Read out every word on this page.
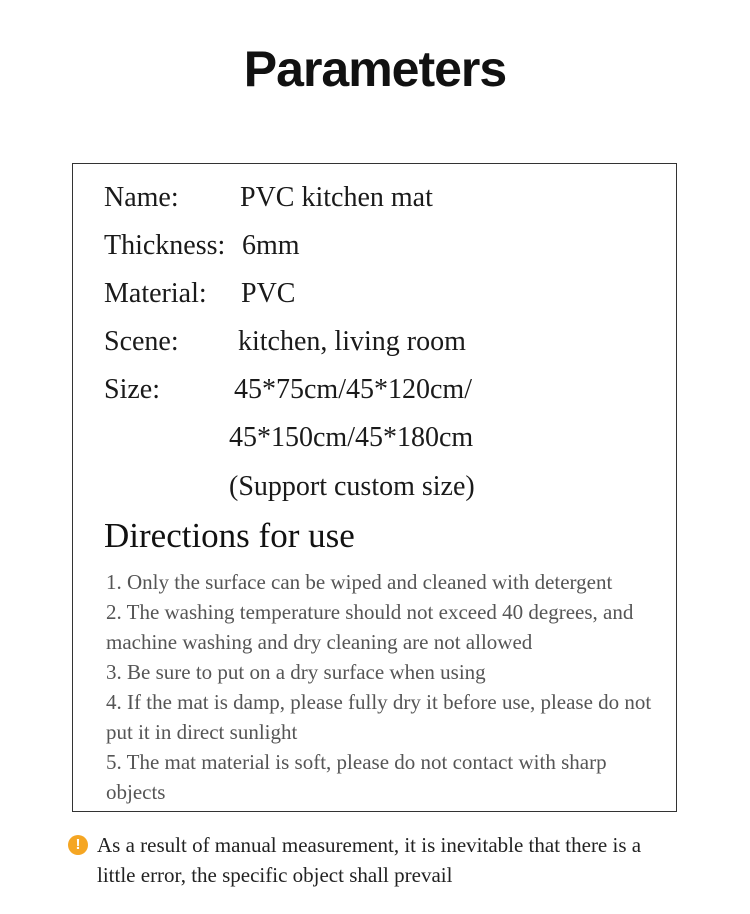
Parameters
Name: PVC kitchen mat
Thickness: 6mm
Material: PVC
Scene: kitchen, living room
Size:	45*75cm/45*120cm/
45*150cm/45*180cm
(Support custom size)
Directions for use
1. Only the surface can be wiped and cleaned with detergent
2. The washing temperature should not exceed 40 degrees, and machine washing and dry cleaning are not allowed
3. Be sure to put on a dry surface when using
4. If the mat is damp, please fully dry it before use, please do not put it in direct sunlight
5. The mat material is soft, please do not contact with sharp objects
! As a result of manual measurement, it is inevitable that there is a little error, the specific object shall prevail
